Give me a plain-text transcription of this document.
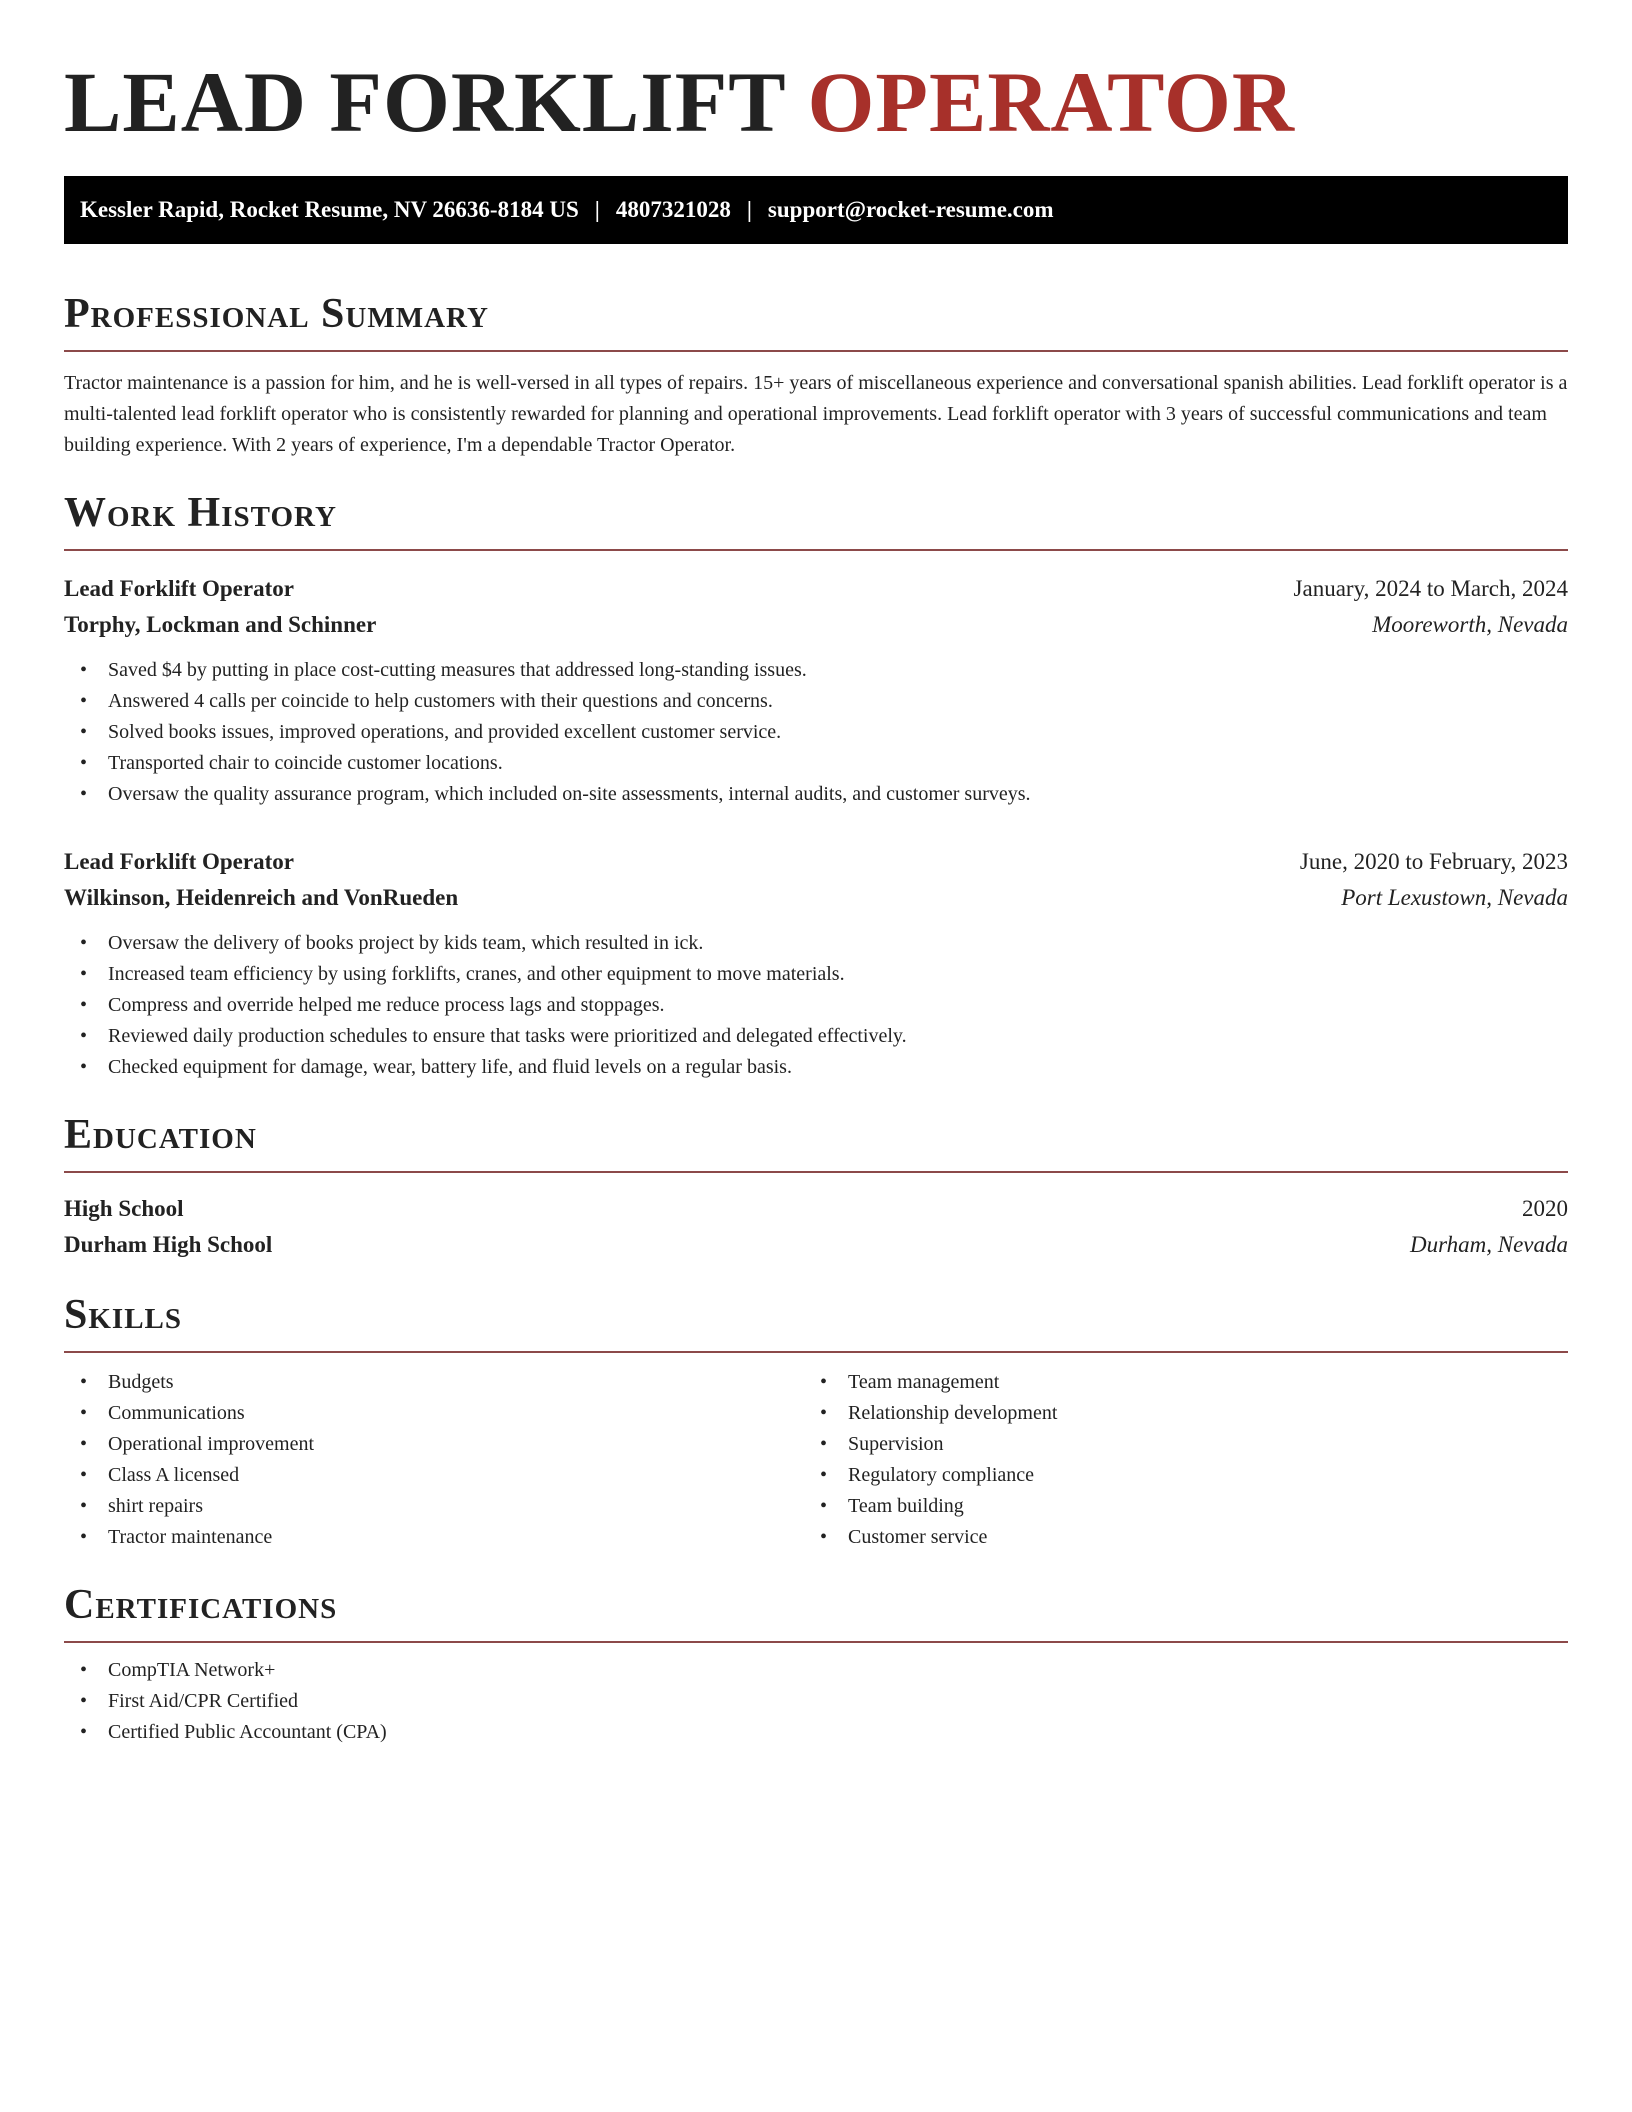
LEAD FORKLIFT OPERATOR
Kessler Rapid, Rocket Resume, NV 26636-8184 US | 4807321028 | support@rocket-resume.com
Professional Summary

Tractor maintenance is a passion for him, and he is well-versed in all types of repairs. 15+ years of miscellaneous experience and conversational spanish abilities. Lead forklift operator is a multi-talented lead forklift operator who is consistently rewarded for planning and operational improvements. Lead forklift operator with 3 years of successful communications and team building experience. With 2 years of experience, I'm a dependable Tractor Operator.

Work History
Lead Forklift Operator	January, 2024 to March, 2024
Torphy, Lockman and Schinner	Mooreworth, Nevada
• Saved $4 by putting in place cost-cutting measures that addressed long-standing issues.
• Answered 4 calls per coincide to help customers with their questions and concerns.
• Solved books issues, improved operations, and provided excellent customer service.
• Transported chair to coincide customer locations.
• Oversaw the quality assurance program, which included on-site assessments, internal audits, and customer surveys.
Lead Forklift Operator	June, 2020 to February, 2023
Wilkinson, Heidenreich and VonRueden	Port Lexustown, Nevada
• Oversaw the delivery of books project by kids team, which resulted in ick.
• Increased team efficiency by using forklifts, cranes, and other equipment to move materials.
• Compress and override helped me reduce process lags and stoppages.
• Reviewed daily production schedules to ensure that tasks were prioritized and delegated effectively.
• Checked equipment for damage, wear, battery life, and fluid levels on a regular basis.
Education
High School	2020
Durham High School	Durham, Nevada
Skills
• Budgets
• Communications
• Operational improvement
• Class A licensed
• shirt repairs
• Tractor maintenance
• Team management
• Relationship development
• Supervision
• Regulatory compliance
• Team building
• Customer service
Certifications
• CompTIA Network+
• First Aid/CPR Certified
• Certified Public Accountant (CPA)
